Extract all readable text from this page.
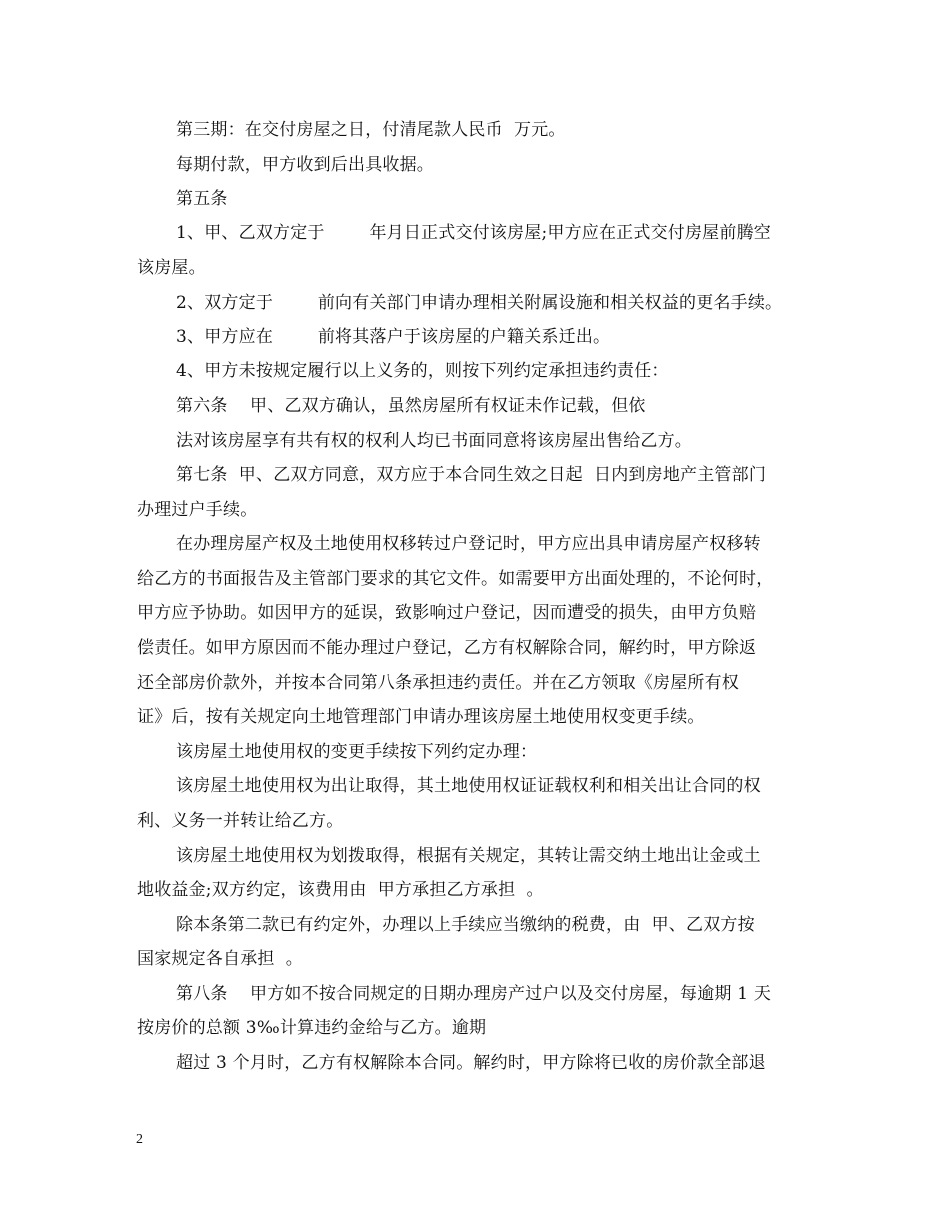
第三期：在交付房屋之日，付清尾款人民币  万元。
每期付款，甲方收到后出具收据。
第五条
1、甲、乙双方定于        年月日正式交付该房屋;甲方应在正式交付房屋前腾空
该房屋。
2、双方定于        前向有关部门申请办理相关附属设施和相关权益的更名手续。
3、甲方应在        前将其落户于该房屋的户籍关系迁出。
4、甲方未按规定履行以上义务的，则按下列约定承担违约责任：
第六条    甲、乙双方确认，虽然房屋所有权证未作记载，但依
法对该房屋享有共有权的权利人均已书面同意将该房屋出售给乙方。
第七条  甲、乙双方同意，双方应于本合同生效之日起  日内到房地产主管部门
办理过户手续。
在办理房屋产权及土地使用权移转过户登记时，甲方应出具申请房屋产权移转
给乙方的书面报告及主管部门要求的其它文件。如需要甲方出面处理的，不论何时，
甲方应予协助。如因甲方的延误，致影响过户登记，因而遭受的损失，由甲方负赔
偿责任。如甲方原因而不能办理过户登记，乙方有权解除合同，解约时，甲方除返
还全部房价款外，并按本合同第八条承担违约责任。并在乙方领取《房屋所有权
证》后，按有关规定向土地管理部门申请办理该房屋土地使用权变更手续。
该房屋土地使用权的变更手续按下列约定办理：
该房屋土地使用权为出让取得，其土地使用权证证载权利和相关出让合同的权
利、义务一并转让给乙方。
该房屋土地使用权为划拨取得，根据有关规定，其转让需交纳土地出让金或土
地收益金;双方约定，该费用由  甲方承担乙方承担  。
除本条第二款已有约定外，办理以上手续应当缴纳的税费，由  甲、乙双方按
国家规定各自承担  。
第八条    甲方如不按合同规定的日期办理房产过户以及交付房屋，每逾期 1 天
按房价的总额 3‰计算违约金给与乙方。逾期
超过 3 个月时，乙方有权解除本合同。解约时，甲方除将已收的房价款全部退
2
